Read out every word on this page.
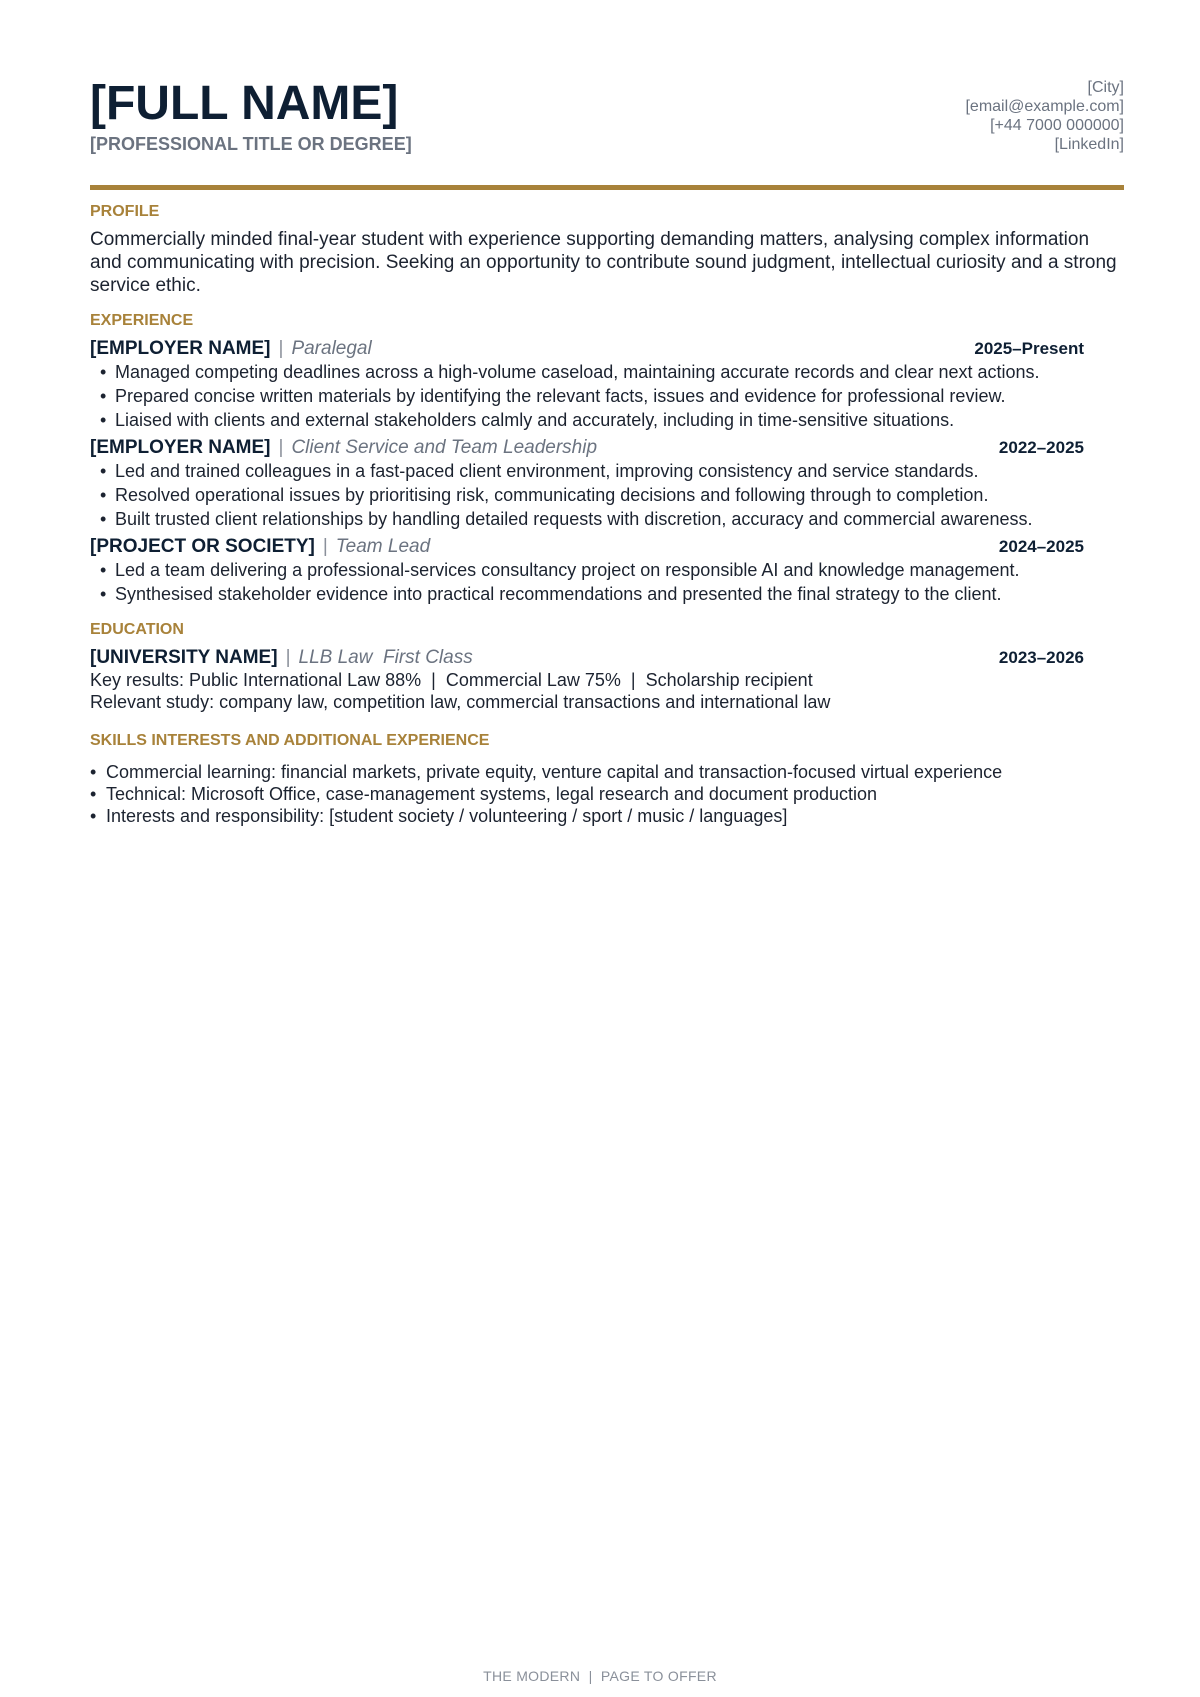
[FULL NAME]
[PROFESSIONAL TITLE OR DEGREE]
[City]
[email@example.com]
[+44 7000 000000]
[LinkedIn]
PROFILE
Commercially minded final-year student with experience supporting demanding matters, analysing complex information and communicating with precision. Seeking an opportunity to contribute sound judgment, intellectual curiosity and a strong service ethic.
EXPERIENCE
[EMPLOYER NAME] | Paralegal	2025–Present
• Managed competing deadlines across a high-volume caseload, maintaining accurate records and clear next actions.
• Prepared concise written materials by identifying the relevant facts, issues and evidence for professional review.
• Liaised with clients and external stakeholders calmly and accurately, including in time-sensitive situations.
[EMPLOYER NAME] | Client Service and Team Leadership	2022–2025
• Led and trained colleagues in a fast-paced client environment, improving consistency and service standards.
• Resolved operational issues by prioritising risk, communicating decisions and following through to completion.
• Built trusted client relationships by handling detailed requests with discretion, accuracy and commercial awareness.
[PROJECT OR SOCIETY] | Team Lead	2024–2025
• Led a team delivering a professional-services consultancy project on responsible AI and knowledge management.
• Synthesised stakeholder evidence into practical recommendations and presented the final strategy to the client.
EDUCATION
[UNIVERSITY NAME] | LLB Law  First Class	2023–2026
Key results: Public International Law 88%  |  Commercial Law 75%  |  Scholarship recipient
Relevant study: company law, competition law, commercial transactions and international law
SKILLS INTERESTS AND ADDITIONAL EXPERIENCE
• Commercial learning: financial markets, private equity, venture capital and transaction-focused virtual experience
• Technical: Microsoft Office, case-management systems, legal research and document production
• Interests and responsibility: [student society / volunteering / sport / music / languages]
THE MODERN  |  PAGE TO OFFER
